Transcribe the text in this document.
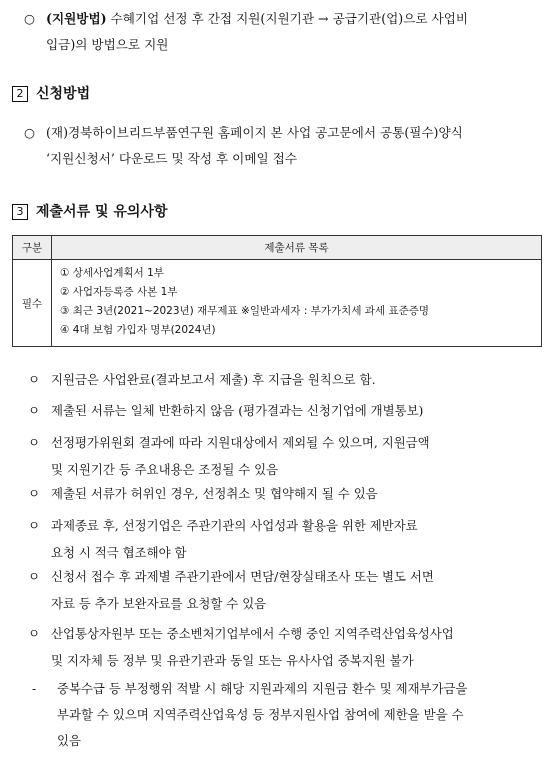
○ (지원방법) 수혜기업 선정 후 간접 지원(지원기관 → 공급기관(업)으로 사업비
입금)의 방법으로 지원
2 신청방법
○ (재)경북하이브리드부품연구원 홈페이지 본 사업 공고문에서 공통(필수)양식
‘지원신청서’ 다운로드 및 작성 후 이메일 접수
3 제출서류 및 유의사항
구분	제출서류 목록
필수	① 상세사업계획서 1부
② 사업자등록증 사본 1부
③ 최근 3년(2021~2023년) 재무제표 ※일반과세자 : 부가가치세 과세 표준증명
④ 4대 보험 가입자 명부(2024년)
ㅇ 지원금은 사업완료(결과보고서 제출) 후 지급을 원칙으로 함.
ㅇ 제출된 서류는 일체 반환하지 않음 (평가결과는 신청기업에 개별통보)
ㅇ 선정평가위원회 결과에 따라 지원대상에서 제외될 수 있으며, 지원금액
및 지원기간 등 주요내용은 조정될 수 있음
ㅇ 제출된 서류가 허위인 경우, 선정취소 및 협약해지 될 수 있음
ㅇ 과제종료 후, 선정기업은 주관기관의 사업성과 활용을 위한 제반자료
요청 시 적극 협조해야 함
ㅇ 신청서 접수 후 과제별 주관기관에서 면담/현장실태조사 또는 별도 서면
자료 등 추가 보완자료를 요청할 수 있음
ㅇ 산업통상자원부 또는 중소벤처기업부에서 수행 중인 지역주력산업육성사업
및 지자체 등 정부 및 유관기관과 동일 또는 유사사업 중복지원 불가
- 중복수급 등 부정행위 적발 시 해당 지원과제의 지원금 환수 및 제재부가금을
부과할 수 있으며 지역주력산업육성 등 정부지원사업 참여에 제한을 받을 수
있음
